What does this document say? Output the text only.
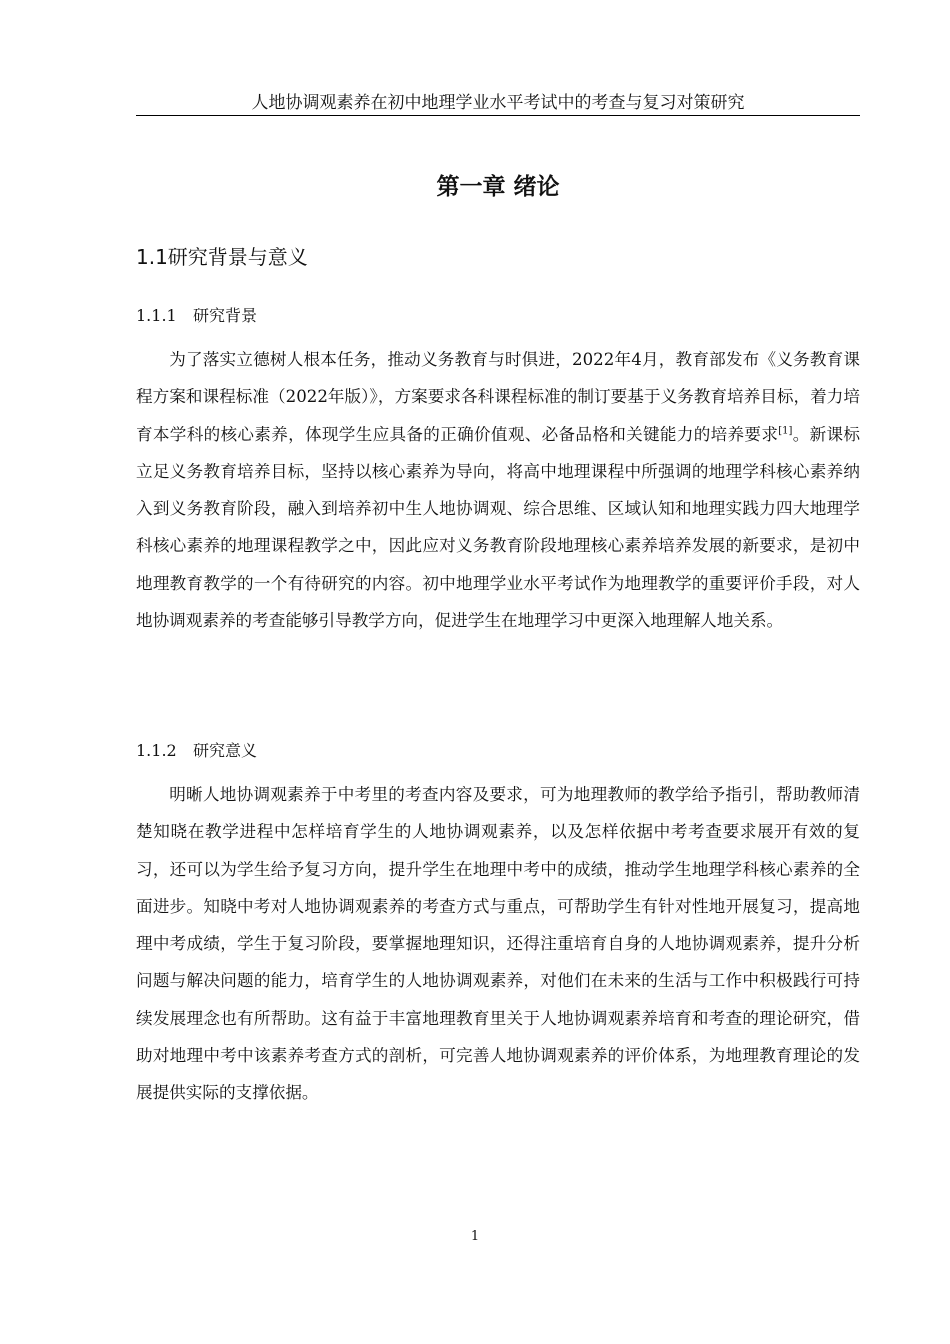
人地协调观素养在初中地理学业水平考试中的考查与复习对策研究
第一章 绪论
1.1研究背景与意义
1.1.1 研究背景

为了落实立德树人根本任务，推动义务教育与时俱进，2022年4月，教育部发布《义务教育课程方案和课程标准（2022年版）》，方案要求各科课程标准的制订要基于义务教育培养目标，着力培育本学科的核心素养，体现学生应具备的正确价值观、必备品格和关键能力的培养要求[1]。新课标立足义务教育培养目标，坚持以核心素养为导向，将高中地理课程中所强调的地理学科核心素养纳入到义务教育阶段，融入到培养初中生人地协调观、综合思维、区域认知和地理实践力四大地理学科核心素养的地理课程教学之中，因此应对义务教育阶段地理核心素养培养发展的新要求，是初中地理教育教学的一个有待研究的内容。初中地理学业水平考试作为地理教学的重要评价手段，对人地协调观素养的考查能够引导教学方向，促进学生在地理学习中更深入地理解人地关系。

1.1.2 研究意义

明晰人地协调观素养于中考里的考查内容及要求，可为地理教师的教学给予指引，帮助教师清楚知晓在教学进程中怎样培育学生的人地协调观素养，以及怎样依据中考考查要求展开有效的复习，还可以为学生给予复习方向，提升学生在地理中考中的成绩，推动学生地理学科核心素养的全面进步。知晓中考对人地协调观素养的考查方式与重点，可帮助学生有针对性地开展复习，提高地理中考成绩，学生于复习阶段，要掌握地理知识，还得注重培育自身的人地协调观素养，提升分析问题与解决问题的能力，培育学生的人地协调观素养，对他们在未来的生活与工作中积极践行可持续发展理念也有所帮助。这有益于丰富地理教育里关于人地协调观素养培育和考查的理论研究，借助对地理中考中该素养考查方式的剖析，可完善人地协调观素养的评价体系，为地理教育理论的发展提供实际的支撑依据。

1
